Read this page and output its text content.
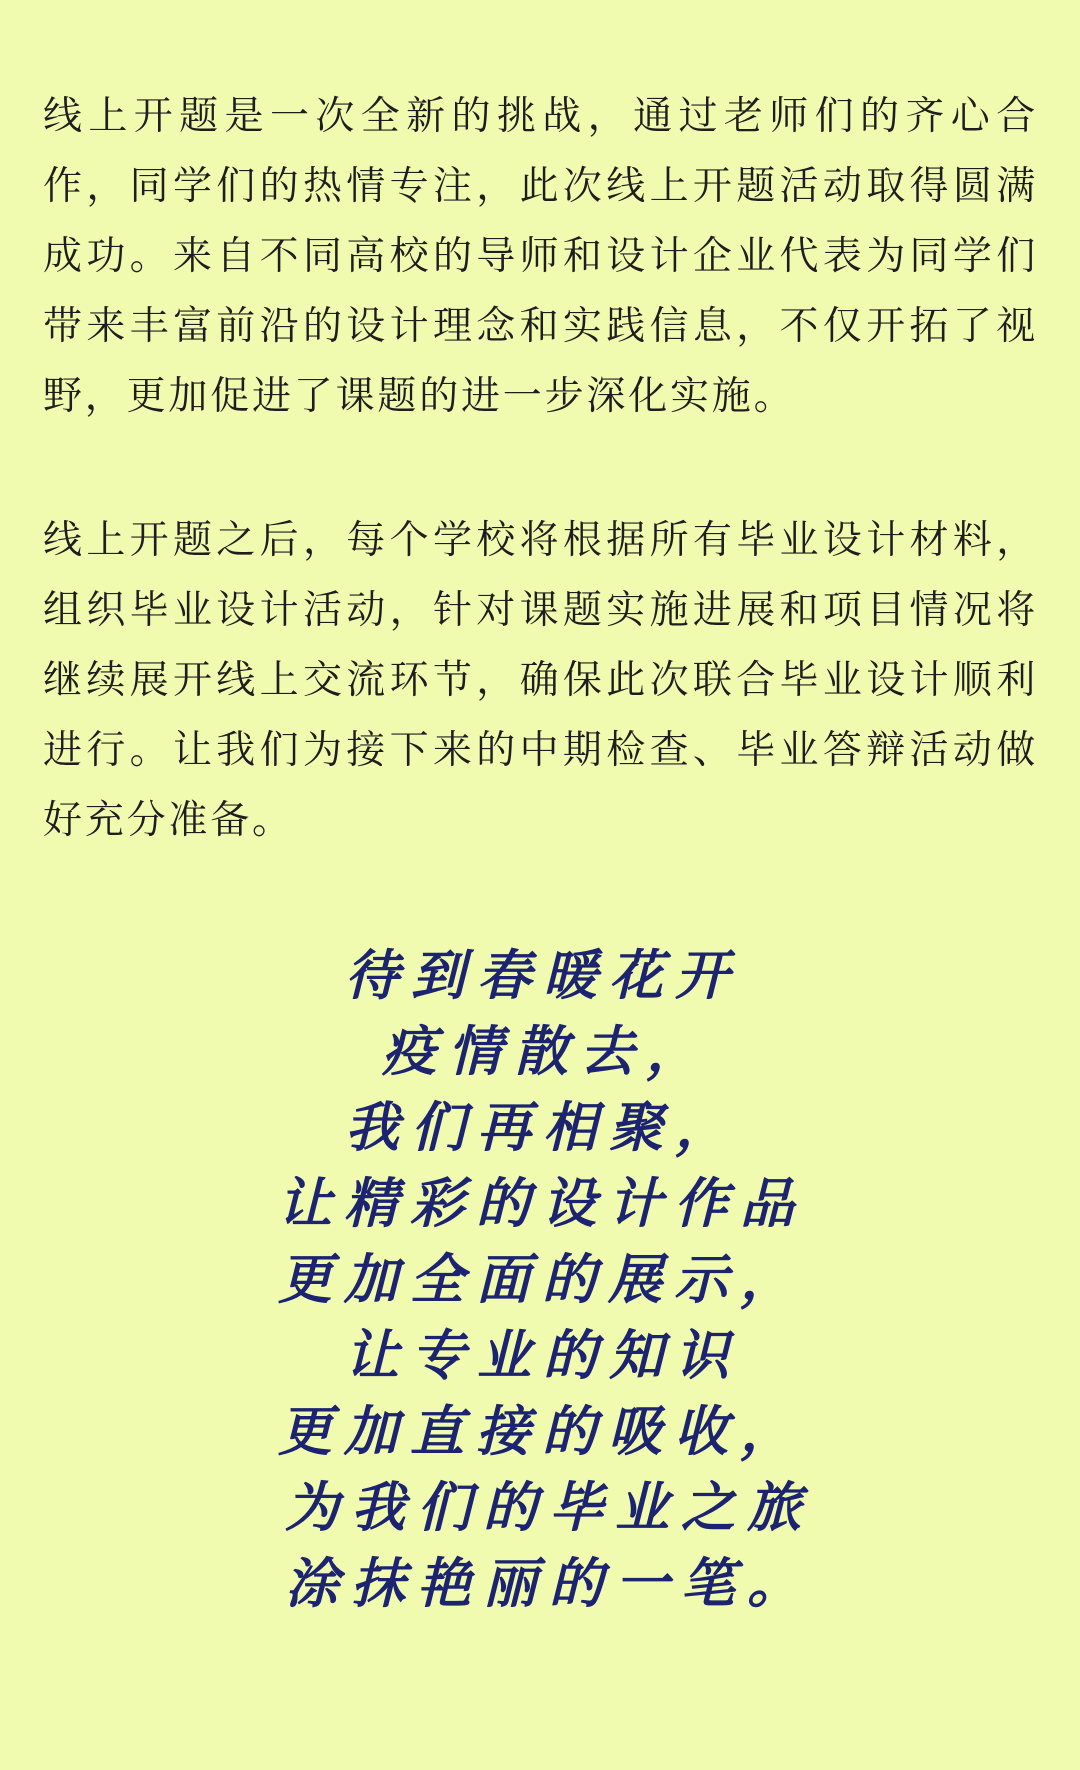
线上开题是一次全新的挑战，通过老师们的齐心合作，同学们的热情专注，此次线上开题活动取得圆满成功。来自不同高校的导师和设计企业代表为同学们带来丰富前沿的设计理念和实践信息，不仅开拓了视野，更加促进了课题的进一步深化实施。

线上开题之后，每个学校将根据所有毕业设计材料，组织毕业设计活动，针对课题实施进展和项目情况将继续展开线上交流环节，确保此次联合毕业设计顺利进行。让我们为接下来的中期检查、毕业答辩活动做好充分准备。

待到春暖花开
疫情散去，
我们再相聚，
让精彩的设计作品
更加全面的展示，
让专业的知识
更加直接的吸收，
为我们的毕业之旅
涂抹艳丽的一笔。
